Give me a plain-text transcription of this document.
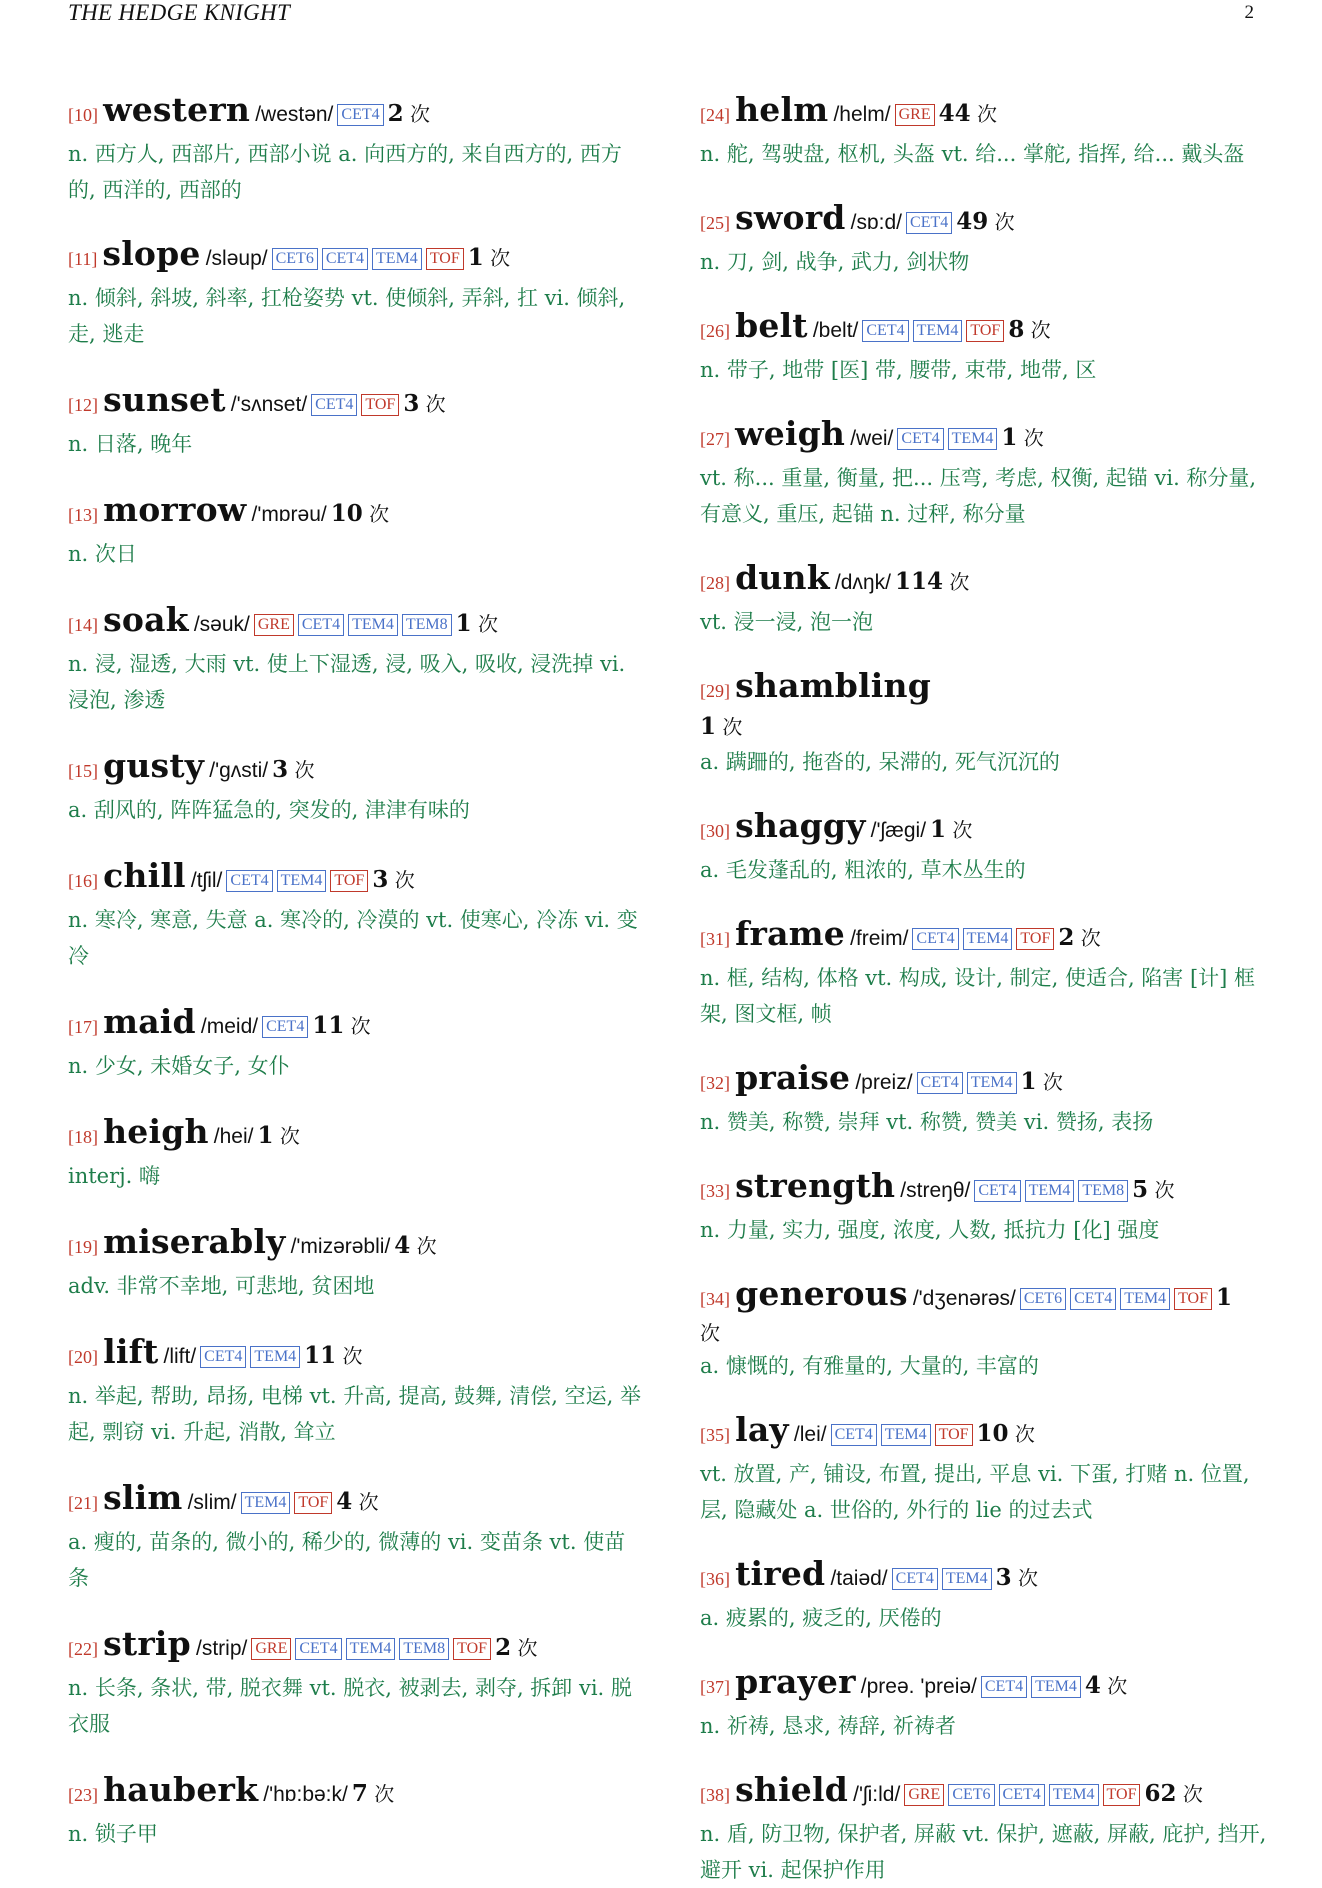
THE HEDGE KNIGHT	2
[10] western /westən/ CET4 2 次
n. 西方人, 西部片, 西部小说 a. 向西方的, 来自西方的, 西方的, 西洋的, 西部的
[11] slope /sləup/ CET6 CET4 TEM4 TOF 1 次
n. 倾斜, 斜坡, 斜率, 扛枪姿势 vt. 使倾斜, 弄斜, 扛 vi. 倾斜, 走, 逃走
[12] sunset /'sʌnset/ CET4 TOF 3 次
n. 日落, 晚年
[13] morrow /'mɒrəu/ 10 次
n. 次日
[14] soak /səuk/ GRE CET4 TEM4 TEM8 1 次
n. 浸, 湿透, 大雨 vt. 使上下湿透, 浸, 吸入, 吸收, 浸洗掉 vi. 浸泡, 渗透
[15] gusty /'gʌsti/ 3 次
a. 刮风的, 阵阵猛急的, 突发的, 津津有味的
[16] chill /tʃil/ CET4 TEM4 TOF 3 次
n. 寒冷, 寒意, 失意 a. 寒冷的, 冷漠的 vt. 使寒心, 冷冻 vi. 变冷
[17] maid /meid/ CET4 11 次
n. 少女, 未婚女子, 女仆
[18] heigh /hei/ 1 次
interj. 嗨
[19] miserably /'mizərəbli/ 4 次
adv. 非常不幸地, 可悲地, 贫困地
[20] lift /lift/ CET4 TEM4 11 次
n. 举起, 帮助, 昂扬, 电梯 vt. 升高, 提高, 鼓舞, 清偿, 空运, 举起, 剽窃 vi. 升起, 消散, 耸立
[21] slim /slim/ TEM4 TOF 4 次
a. 瘦的, 苗条的, 微小的, 稀少的, 微薄的 vi. 变苗条 vt. 使苗条
[22] strip /strip/ GRE CET4 TEM4 TEM8 TOF 2 次
n. 长条, 条状, 带, 脱衣舞 vt. 脱衣, 被剥去, 剥夺, 拆卸 vi. 脱衣服
[23] hauberk /'hɒ:bə:k/ 7 次
n. 锁子甲
[24] helm /helm/ GRE 44 次
n. 舵, 驾驶盘, 枢机, 头盔 vt. 给... 掌舵, 指挥, 给... 戴头盔
[25] sword /sɒ:d/ CET4 49 次
n. 刀, 剑, 战争, 武力, 剑状物
[26] belt /belt/ CET4 TEM4 TOF 8 次
n. 带子, 地带 [医] 带, 腰带, 束带, 地带, 区
[27] weigh /wei/ CET4 TEM4 1 次
vt. 称... 重量, 衡量, 把... 压弯, 考虑, 权衡, 起锚 vi. 称分量, 有意义, 重压, 起锚 n. 过秤, 称分量
[28] dunk /dʌŋk/ 114 次
vt. 浸一浸, 泡一泡
[29] shambling
1 次
a. 蹒跚的, 拖沓的, 呆滞的, 死气沉沉的
[30] shaggy /'ʃægi/ 1 次
a. 毛发蓬乱的, 粗浓的, 草木丛生的
[31] frame /freim/ CET4 TEM4 TOF 2 次
n. 框, 结构, 体格 vt. 构成, 设计, 制定, 使适合, 陷害 [计] 框架, 图文框, 帧
[32] praise /preiz/ CET4 TEM4 1 次
n. 赞美, 称赞, 崇拜 vt. 称赞, 赞美 vi. 赞扬, 表扬
[33] strength /streŋθ/ CET4 TEM4 TEM8 5 次
n. 力量, 实力, 强度, 浓度, 人数, 抵抗力 [化] 强度
[34] generous /'dʒenərəs/ CET6 CET4 TEM4 TOF 1
次
a. 慷慨的, 有雅量的, 大量的, 丰富的
[35] lay /lei/ CET4 TEM4 TOF 10 次
vt. 放置, 产, 铺设, 布置, 提出, 平息 vi. 下蛋, 打赌 n. 位置, 层, 隐藏处 a. 世俗的, 外行的 lie 的过去式
[36] tired /taiəd/ CET4 TEM4 3 次
a. 疲累的, 疲乏的, 厌倦的
[37] prayer /preə. 'preiə/ CET4 TEM4 4 次
n. 祈祷, 恳求, 祷辞, 祈祷者
[38] shield /'ʃi:ld/ GRE CET6 CET4 TEM4 TOF 62 次
n. 盾, 防卫物, 保护者, 屏蔽 vt. 保护, 遮蔽, 屏蔽, 庇护, 挡开, 避开 vi. 起保护作用
